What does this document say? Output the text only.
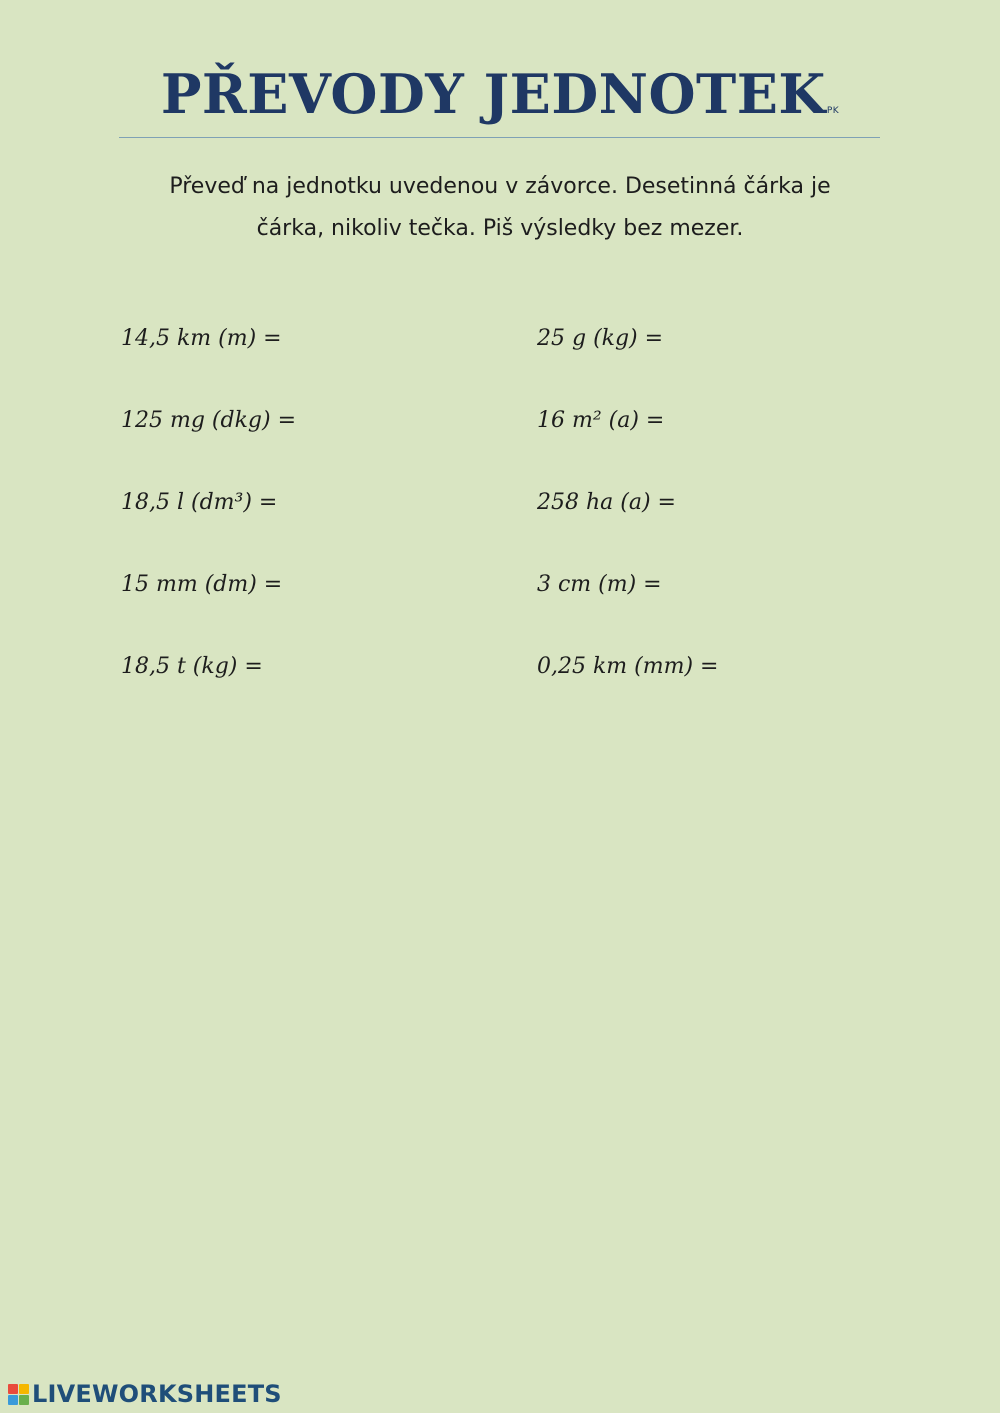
PŘEVODY JEDNOTEKPK
Převeď na jednotku uvedenou v závorce. Desetinná čárka je
čárka, nikoliv tečka. Piš výsledky bez mezer.
14,5 km (m) =
125 mg (dkg) =
18,5 l (dm³) =
15 mm (dm) =
18,5 t (kg) =
25 g (kg) =
16 m² (a) =
258 ha (a) =
3 cm (m) =
0,25 km (mm) =
LIVEWORKSHEETS
